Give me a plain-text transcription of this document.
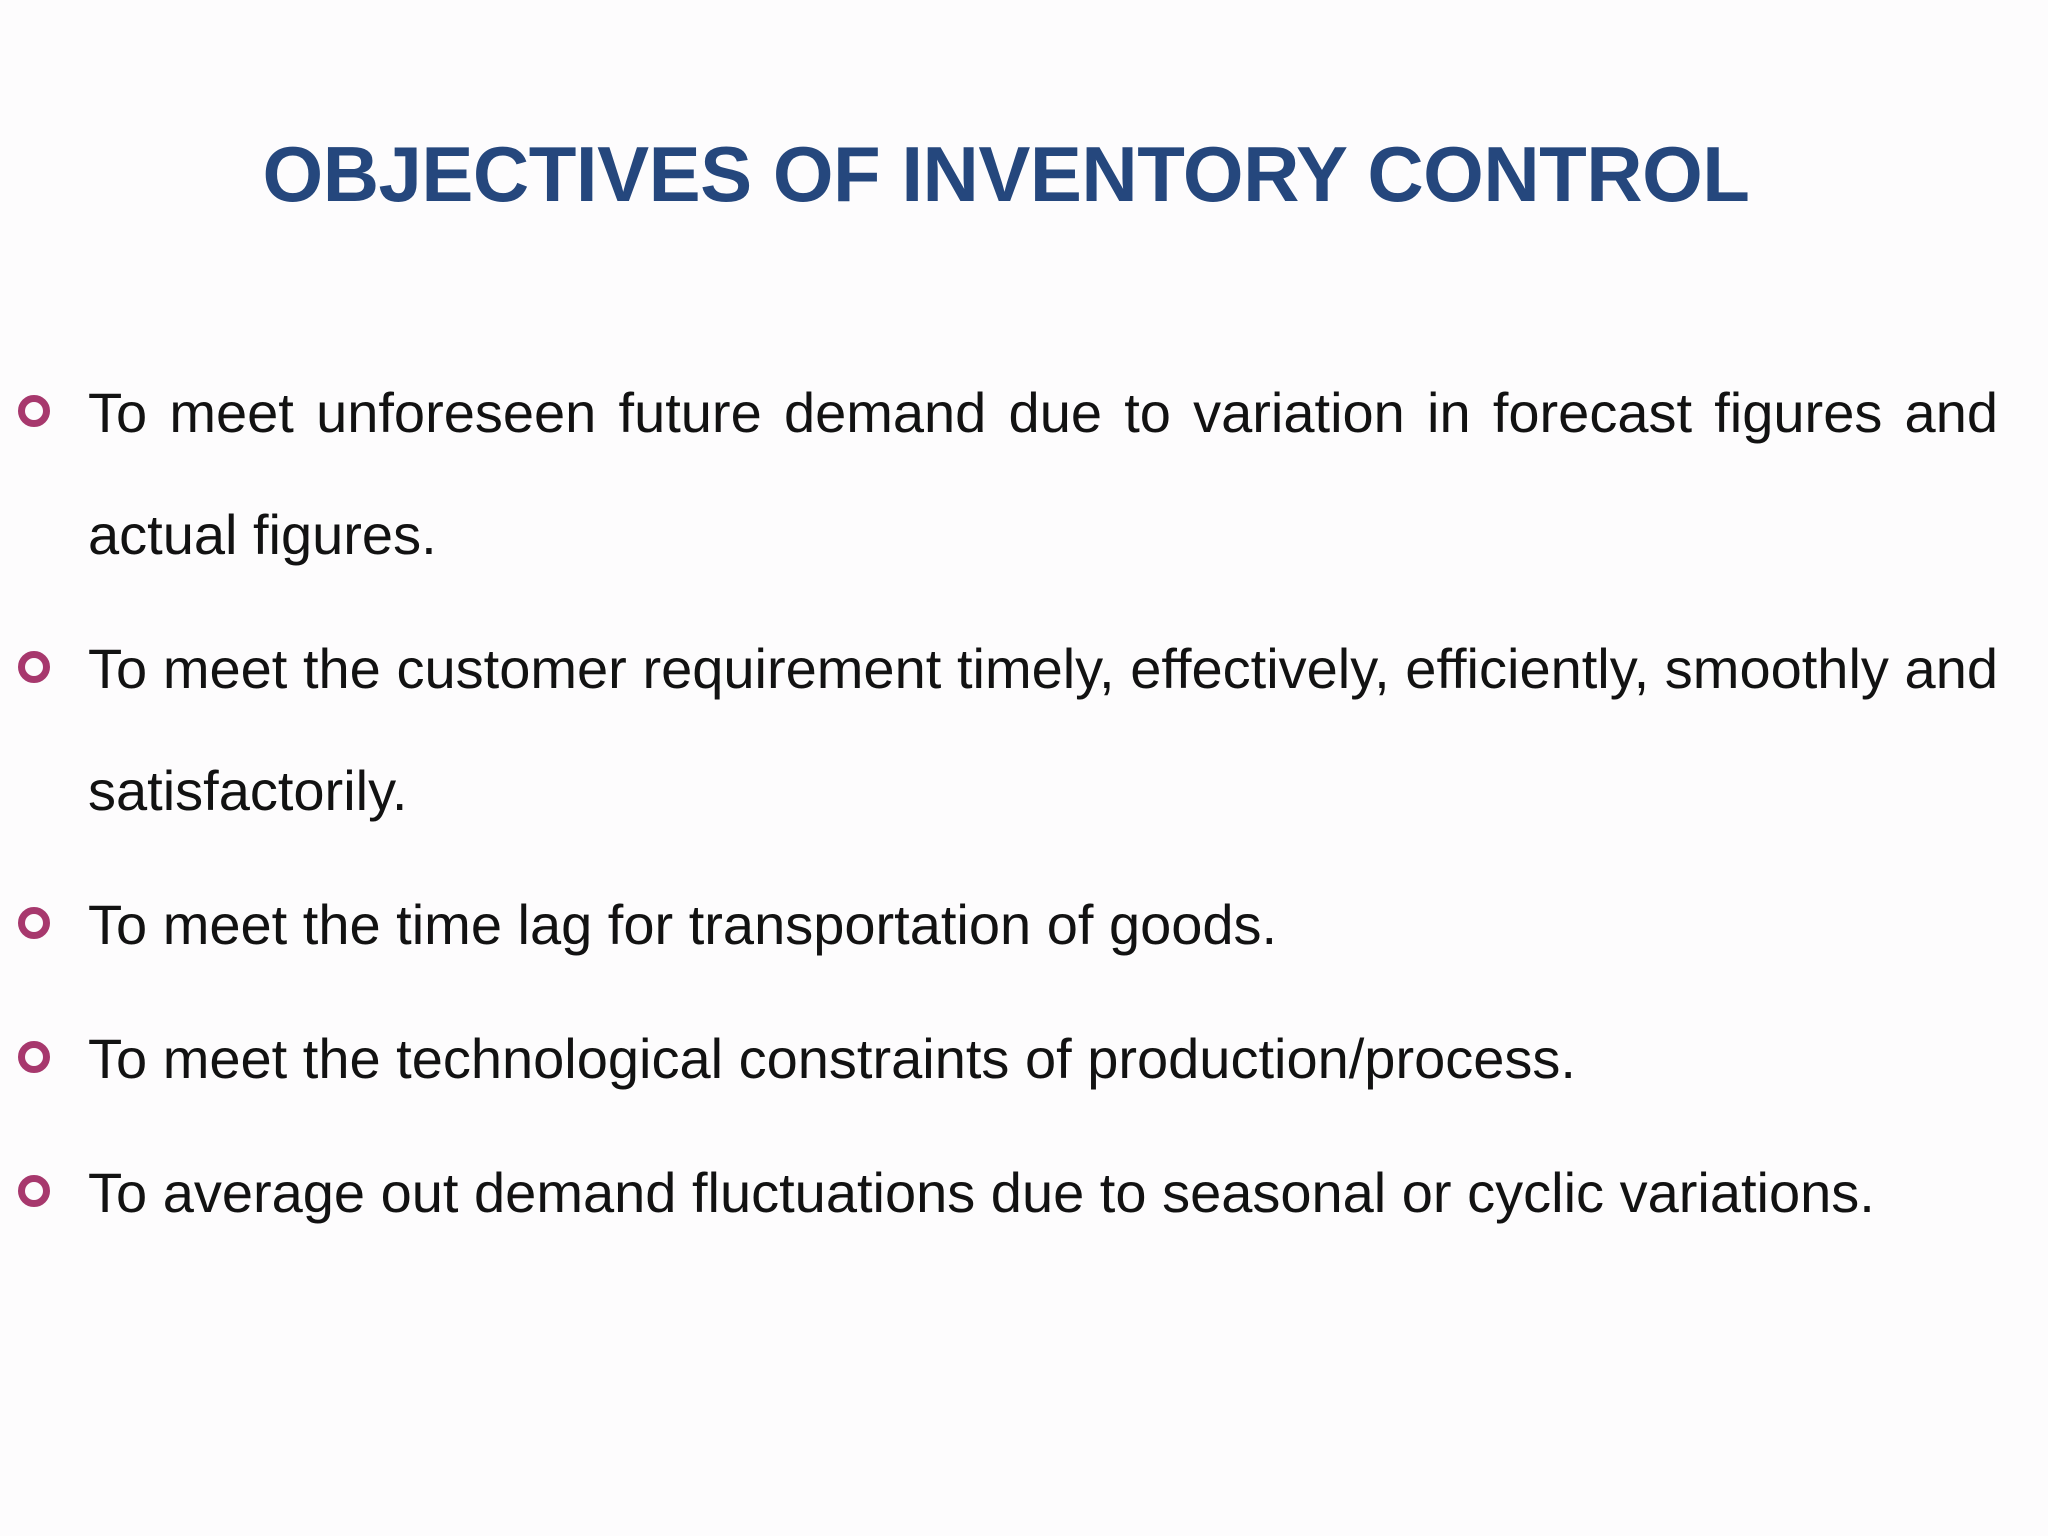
OBJECTIVES OF INVENTORY CONTROL
To meet unforeseen future demand due to variation in forecast figures and actual figures.
To meet the customer requirement timely, effectively, efficiently, smoothly and satisfactorily.
To meet the time lag for transportation of goods.
To meet the technological constraints of production/process.
To average out demand fluctuations due to seasonal or cyclic variations.
